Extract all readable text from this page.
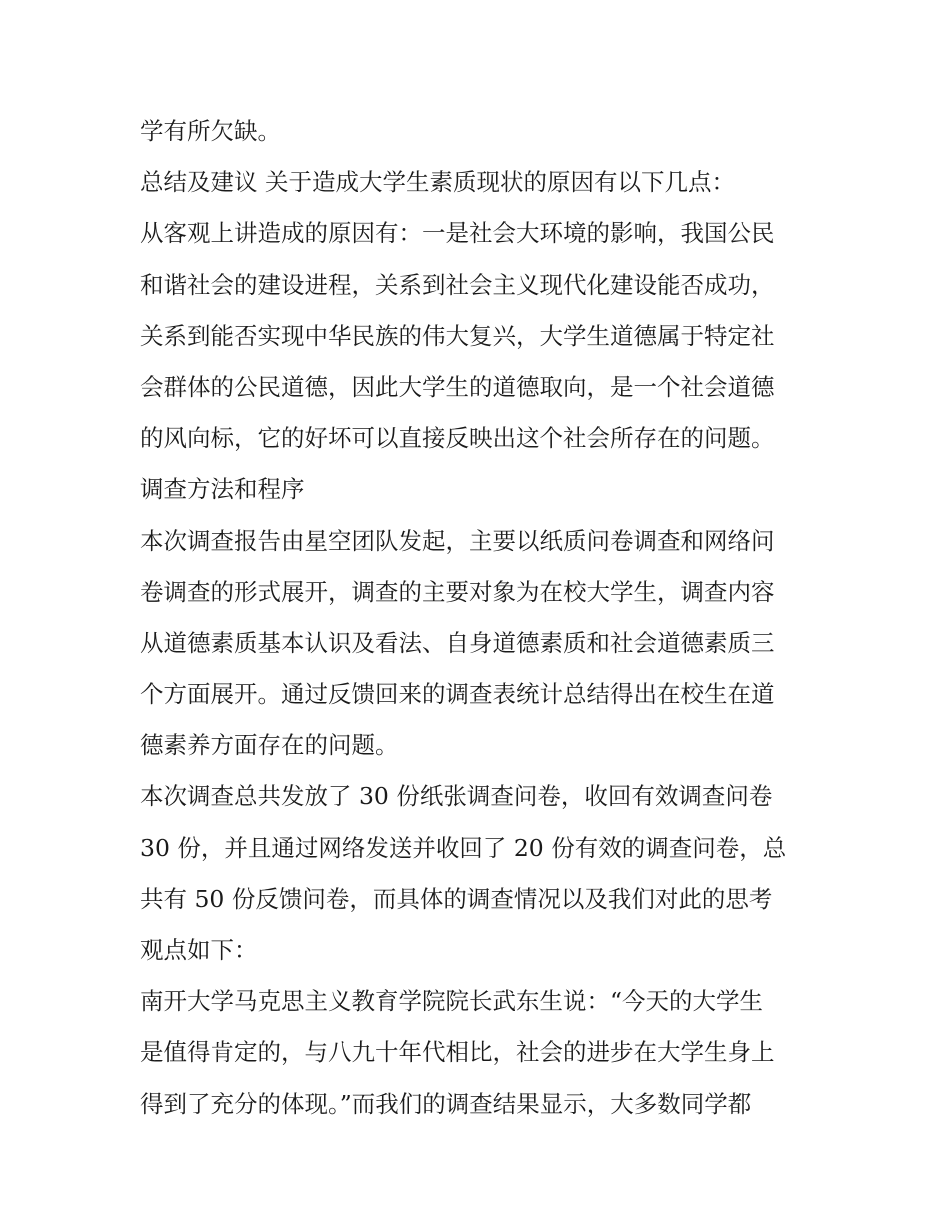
学有所欠缺。
总结及建议 关于造成大学生素质现状的原因有以下几点：
从客观上讲造成的原因有：一是社会大环境的影响，我国公民
和谐社会的建设进程，关系到社会主义现代化建设能否成功，
关系到能否实现中华民族的伟大复兴，大学生道德属于特定社
会群体的公民道德，因此大学生的道德取向，是一个社会道德
的风向标，它的好坏可以直接反映出这个社会所存在的问题。
调查方法和程序
本次调查报告由星空团队发起，主要以纸质问卷调查和网络问
卷调查的形式展开，调查的主要对象为在校大学生，调查内容
从道德素质基本认识及看法、自身道德素质和社会道德素质三
个方面展开。通过反馈回来的调查表统计总结得出在校生在道
德素养方面存在的问题。
本次调查总共发放了 30 份纸张调查问卷，收回有效调查问卷
30 份，并且通过网络发送并收回了 20 份有效的调查问卷，总
共有 50 份反馈问卷，而具体的调查情况以及我们对此的思考
观点如下：
南开大学马克思主义教育学院院长武东生说：“今天的大学生
是值得肯定的，与八九十年代相比，社会的进步在大学生身上
得到了充分的体现。”而我们的调查结果显示，大多数同学都
